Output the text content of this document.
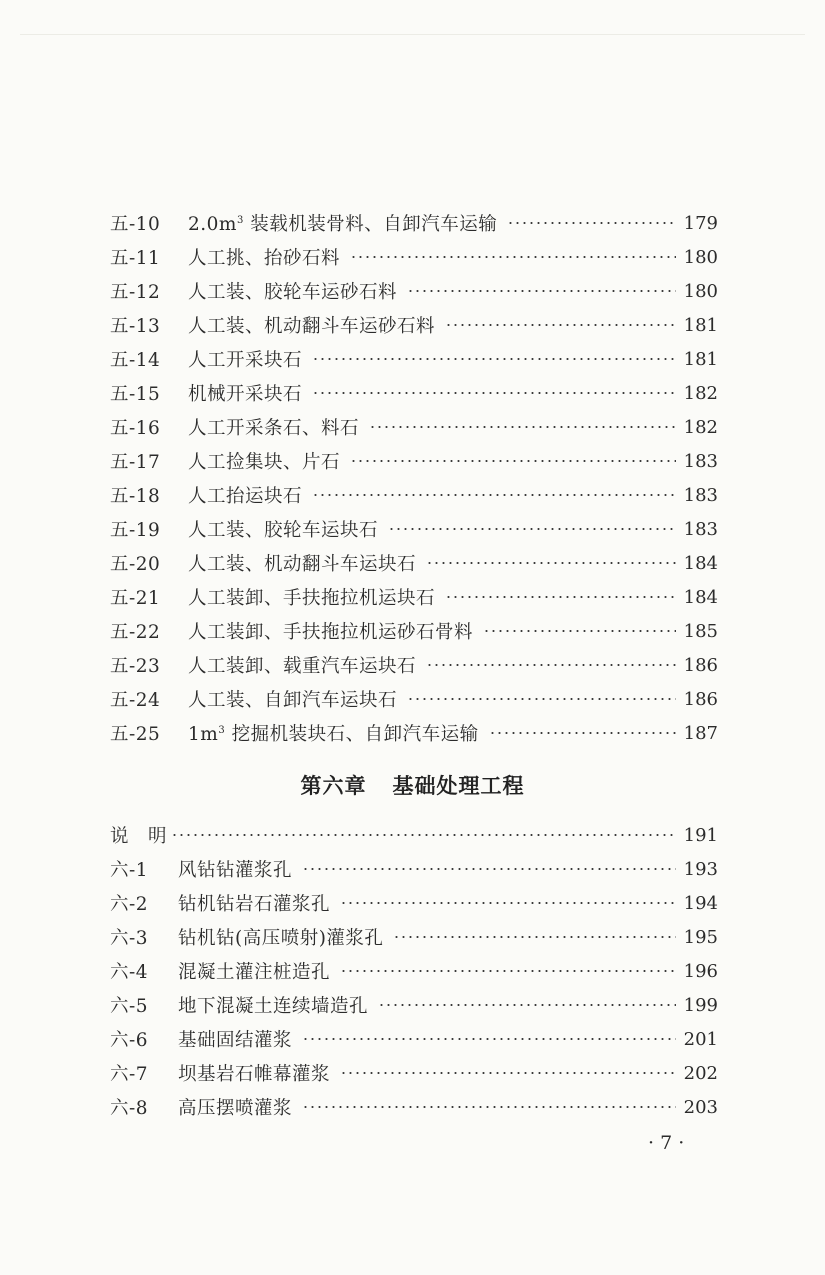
五-10	$2.0m^3$ 装载机装骨料、自卸汽车运输	179
五-11	人工挑、抬砂石料	180
五-12	人工装、胶轮车运砂石料	180
五-13	人工装、机动翻斗车运砂石料	181
五-14	人工开采块石	181
五-15	机械开采块石	182
五-16	人工开采条石、料石	182
五-17	人工捡集块、片石	183
五-18	人工抬运块石	183
五-19	人工装、胶轮车运块石	183
五-20	人工装、机动翻斗车运块石	184
五-21	人工装卸、手扶拖拉机运块石	184
五-22	人工装卸、手扶拖拉机运砂石骨料	185
五-23	人工装卸、载重汽车运块石	186
五-24	人工装、自卸汽车运块石	186
五-25	$1m^3$ 挖掘机装块石、自卸汽车运输	187
第六章 基础处理工程
说　明	191
六-1	风钻钻灌浆孔	193
六-2	钻机钻岩石灌浆孔	194
六-3	钻机钻(高压喷射)灌浆孔	195
六-4	混凝土灌注桩造孔	196
六-5	地下混凝土连续墙造孔	199
六-6	基础固结灌浆	201
六-7	坝基岩石帷幕灌浆	202
六-8	高压摆喷灌浆	203
· 7 ·
